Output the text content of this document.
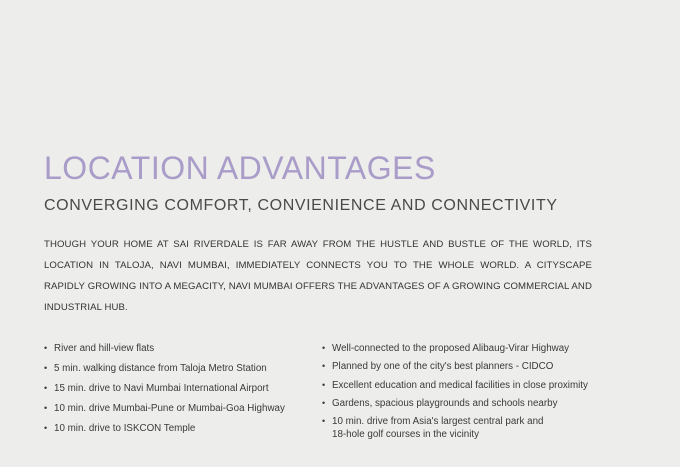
LOCATION ADVANTAGES
CONVERGING COMFORT, CONVIENIENCE AND CONNECTIVITY

THOUGH YOUR HOME AT SAI RIVERDALE IS FAR AWAY FROM THE HUSTLE AND BUSTLE OF THE WORLD, ITS LOCATION IN TALOJA, NAVI MUMBAI, IMMEDIATELY CONNECTS YOU TO THE WHOLE WORLD. A CITYSCAPE RAPIDLY GROWING INTO A MEGACITY, NAVI MUMBAI OFFERS THE ADVANTAGES OF A GROWING COMMERCIAL AND INDUSTRIAL HUB.

• River and hill-view flats
• 5 min. walking distance from Taloja Metro Station
• 15 min. drive to Navi Mumbai International Airport
• 10 min. drive Mumbai-Pune or Mumbai-Goa Highway
• 10 min. drive to ISKCON Temple
• Well-connected to the proposed Alibaug-Virar Highway
• Planned by one of the city's best planners - CIDCO
• Excellent education and medical facilities in close proximity
• Gardens, spacious playgrounds and schools nearby
• 10 min. drive from Asia's largest central park and 18-hole golf courses in the vicinity
